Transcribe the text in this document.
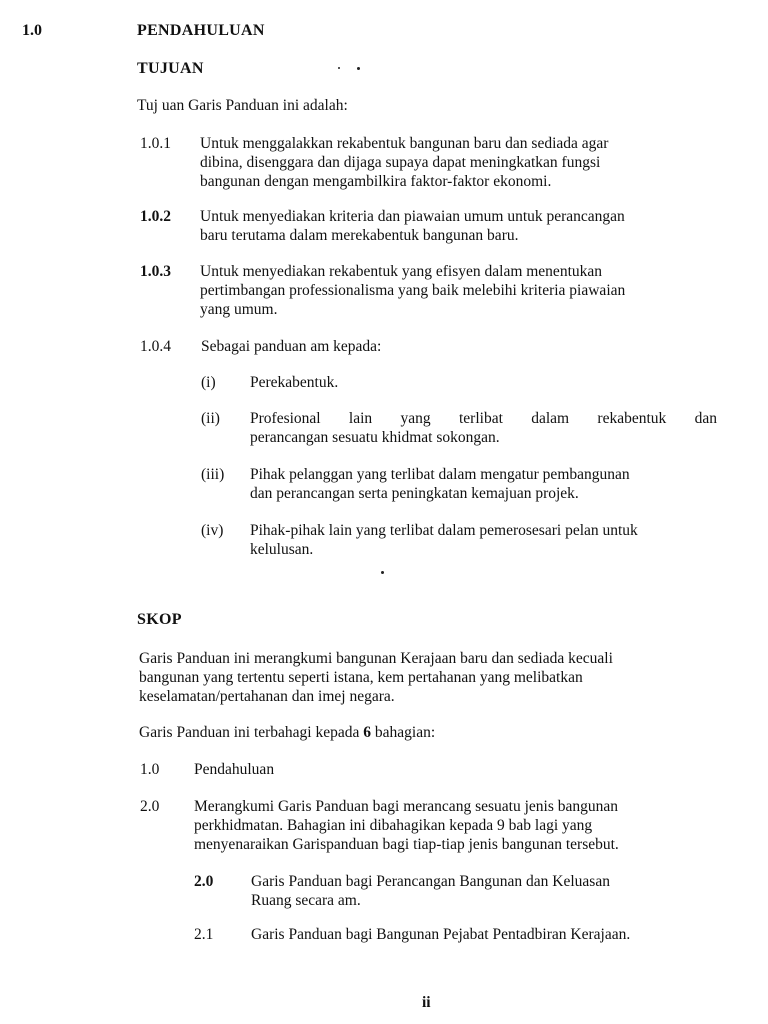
1.0	PENDAHULUAN
TUJUAN
Tuj uan Garis Panduan ini adalah:
1.0.1 Untuk menggalakkan rekabentuk bangunan baru dan sediada agar
dibina, disenggara dan dijaga supaya dapat meningkatkan fungsi
bangunan dengan mengambilkira faktor-faktor ekonomi.
1.0.2 Untuk menyediakan kriteria dan piawaian umum untuk perancangan
baru terutama dalam merekabentuk bangunan baru.
1.0.3 Untuk menyediakan rekabentuk yang efisyen dalam menentukan
pertimbangan professionalisma yang baik melebihi kriteria piawaian
yang umum.
1.0.4 Sebagai panduan am kepada:
(i) Perekabentuk.
(ii) Profesional lain yang terlibat dalam rekabentuk dan
perancangan sesuatu khidmat sokongan.
(iii) Pihak pelanggan yang terlibat dalam mengatur pembangunan
dan perancangan serta peningkatan kemajuan projek.
(iv) Pihak-pihak lain yang terlibat dalam pemerosesari pelan untuk
kelulusan.
SKOP
Garis Panduan ini merangkumi bangunan Kerajaan baru dan sediada kecuali
bangunan yang tertentu seperti istana, kem pertahanan yang melibatkan
keselamatan/pertahanan dan imej negara.
Garis Panduan ini terbahagi kepada 6 bahagian:
1.0 Pendahuluan
2.0 Merangkumi Garis Panduan bagi merancang sesuatu jenis bangunan
perkhidmatan. Bahagian ini dibahagikan kepada 9 bab lagi yang
menyenaraikan Garispanduan bagi tiap-tiap jenis bangunan tersebut.
2.0 Garis Panduan bagi Perancangan Bangunan dan Keluasan
Ruang secara am.
2.1 Garis Panduan bagi Bangunan Pejabat Pentadbiran Kerajaan.
ii
